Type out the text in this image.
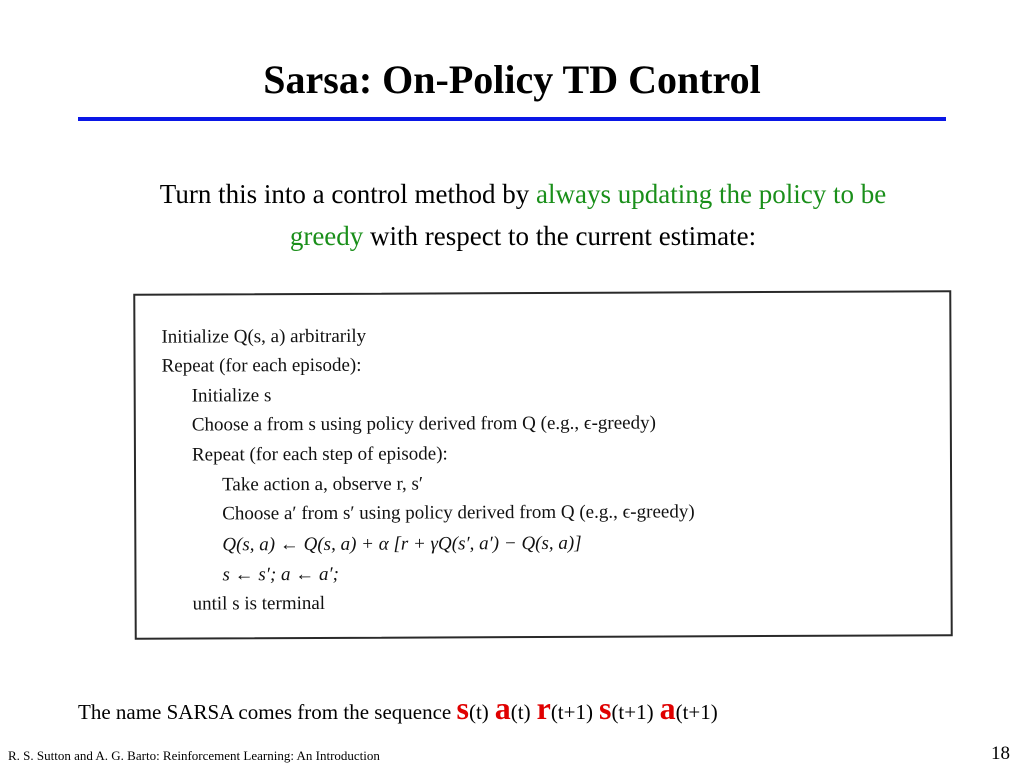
Sarsa: On-Policy TD Control
Turn this into a control method by always updating the policy to be greedy with respect to the current estimate:
Initialize Q(s, a) arbitrarily
Repeat (for each episode):
Initialize s
Choose a from s using policy derived from Q (e.g., ϵ-greedy)
Repeat (for each step of episode):
Take action a, observe r, s′
Choose a′ from s′ using policy derived from Q (e.g., ϵ-greedy)
Q(s, a) ← Q(s, a) + α [r + γQ(s′, a′) − Q(s, a)]
s ← s′; a ← a′;
until s is terminal
The name SARSA comes from the sequence s(t) a(t) r(t+1) s(t+1) a(t+1)
R. S. Sutton and A. G. Barto: Reinforcement Learning: An Introduction	18
